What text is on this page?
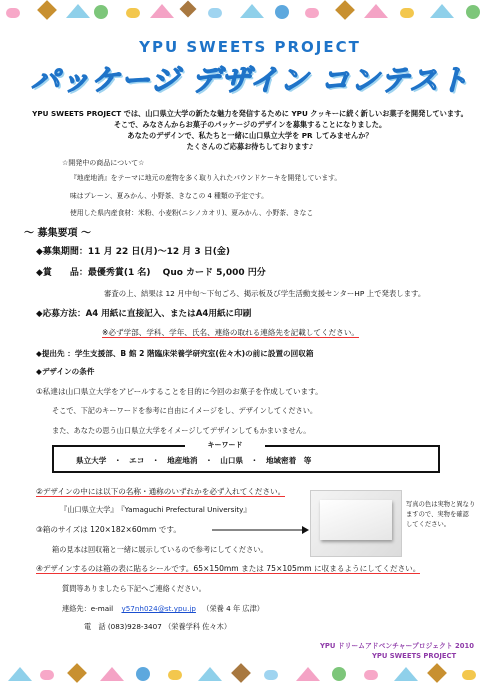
YPU SWEETS PROJECT
パッケージ デザイン コンテスト
YPU SWEETS PROJECT では、山口県立大学の新たな魅力を発信するために YPU クッキーに続く新しいお菓子を開発しています。
そこで、みなさんからお菓子のパッケージのデザインを募集することになりました。
あなたのデザインで、私たちと一緒に山口県立大学を PR してみませんか？
たくさんのご応募お待ちしております♪
☆開発中の商品について☆
『地産地消』をテーマに地元の産物を多く取り入れたパウンドケーキを開発しています。
味はプレーン、夏みかん、小野茶、きなこの 4 種類の予定です。
使用した県内産食材：米粉、小麦粉(ニシノカオリ)、夏みかん、小野茶、きなこ
～ 募集要項 ～
◆募集期間：11 月 22 日(月)～12 月 3 日(金)
◆賞　　品：最優秀賞(1 名)　 Quo カード 5,000 円分
審査の上、結果は 12 月中旬～下旬ごろ、掲示板及び学生活動支援センターHP 上で発表します。
◆応募方法：A4 用紙に直接記入、またはA4用紙に印刷
※必ず学部、学科、学年、氏名、連絡の取れる連絡先を記載してください。
◆提出先 ：学生支援部、B 館 2 階臨床栄養学研究室(佐々木)の前に設置の回収箱
◆デザインの条件
①私達は山口県立大学をアピールすることを目的に今回のお菓子を作成しています。
そこで、下記のキーワードを参考に自由にイメージをし、デザインしてください。
また、あなたの思う山口県立大学をイメージしてデザインしてもかまいません。
キーワード
県立大学　・　エコ　・　地産地消　・　山口県　・　地域密着　等
②デザインの中には以下の名称・通称のいずれかを必ず入れてください。
『山口県立大学』　『Yamaguchi Prefectural University』
③箱のサイズは 120×182×60mm です。
箱の見本は回収箱と一緒に展示しているので参考にしてください。
写真の色は実物と異なり
ますので、実物を確認
してください。
④デザインするのは箱の表に貼るシールです。65×150mm または 75×105mm に収まるようにしてください。
質問等ありましたら下記へご連絡ください。
連絡先：e-mail y57nh024@st.ypu.jp （栄養 4 年 広津）
電　話 (083)928-3407 （栄養学科 佐々木）
YPU ドリームアドベンチャープロジェクト 2010
YPU SWEETS PROJECT
